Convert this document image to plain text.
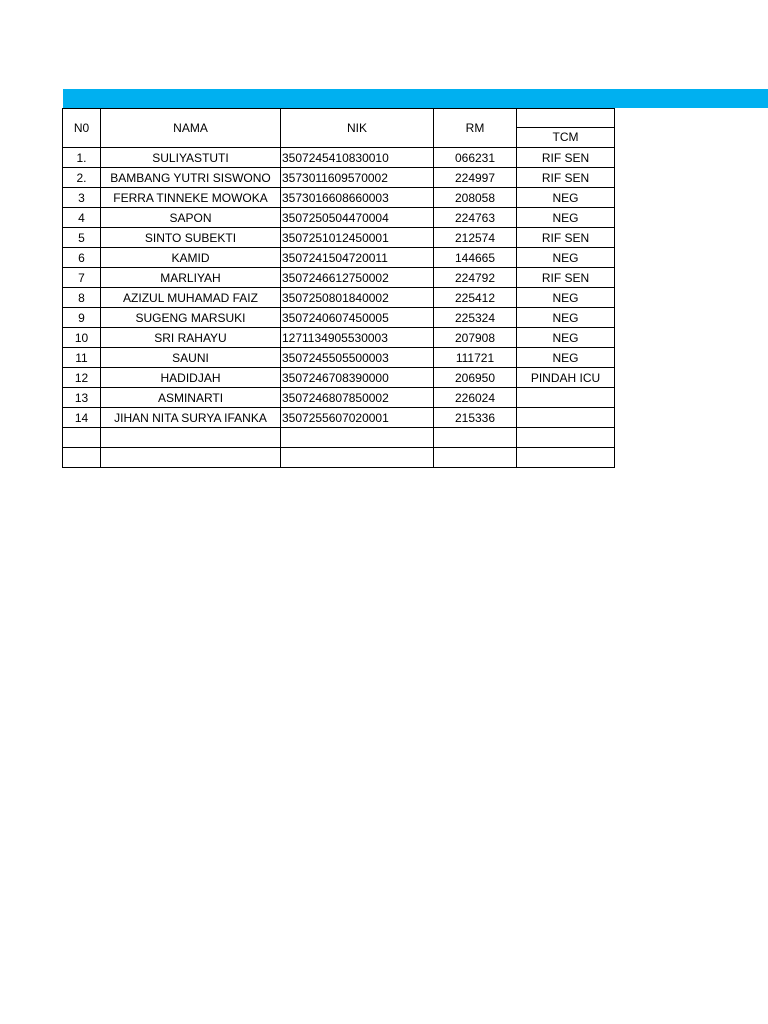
N0	NAMA	NIK	RM	TCM

1.	SULIYASTUTI	3507245410830010	066231	RIF SEN
2.	BAMBANG YUTRI SISWONO	3573011609570002	224997	RIF SEN
3	FERRA TINNEKE MOWOKA	3573016608660003	208058	NEG
4	SAPON	3507250504470004	224763	NEG
5	SINTO SUBEKTI	3507251012450001	212574	RIF SEN
6	KAMID	3507241504720011	144665	NEG
7	MARLIYAH	3507246612750002	224792	RIF SEN
8	AZIZUL MUHAMAD FAIZ	3507250801840002	225412	NEG
9	SUGENG MARSUKI	3507240607450005	225324	NEG
10	SRI RAHAYU	1271134905530003	207908	NEG
11	SAUNI	3507245505500003	111721	NEG
12	HADIDJAH	3507246708390000	206950	PINDAH ICU
13	ASMINARTI	3507246807850002	226024	
14	JIHAN NITA SURYA IFANKA	3507255607020001	215336	
